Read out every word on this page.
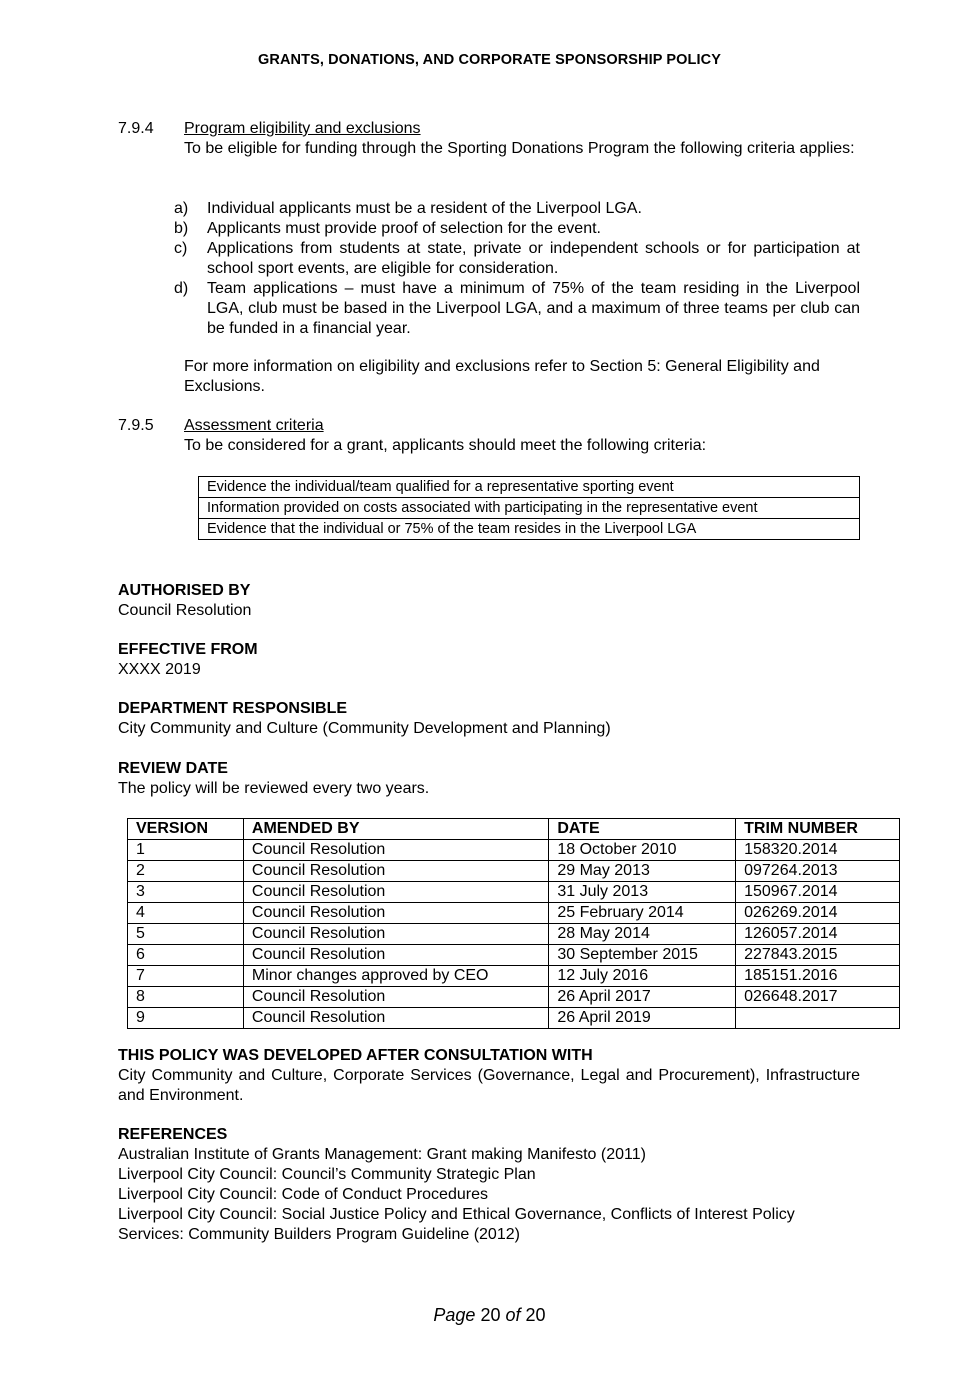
GRANTS, DONATIONS, AND CORPORATE SPONSORSHIP POLICY
7.9.4 Program eligibility and exclusions
To be eligible for funding through the Sporting Donations Program the following criteria applies:
a)	Individual applicants must be a resident of the Liverpool LGA.
b)	Applicants must provide proof of selection for the event.
c)	Applications from students at state, private or independent schools or for participation at school sport events, are eligible for consideration.
d)	Team applications – must have a minimum of 75% of the team residing in the Liverpool LGA, club must be based in the Liverpool LGA, and a maximum of three teams per club can be funded in a financial year.
For more information on eligibility and exclusions refer to Section 5: General Eligibility and Exclusions.
7.9.5 Assessment criteria
To be considered for a grant, applicants should meet the following criteria:
Evidence the individual/team qualified for a representative sporting event
Information provided on costs associated with participating in the representative event
Evidence that the individual or 75% of the team resides in the Liverpool LGA
AUTHORISED BY
Council Resolution
EFFECTIVE FROM
XXXX 2019
DEPARTMENT RESPONSIBLE
City Community and Culture (Community Development and Planning)
REVIEW DATE
The policy will be reviewed every two years.
VERSION	AMENDED BY	DATE	TRIM NUMBER
1	Council Resolution	18 October 2010	158320.2014
2	Council Resolution	29 May 2013	097264.2013
3	Council Resolution	31 July 2013	150967.2014
4	Council Resolution	25 February 2014	026269.2014
5	Council Resolution	28 May 2014	126057.2014
6	Council Resolution	30 September 2015	227843.2015
7	Minor changes approved by CEO	12 July 2016	185151.2016
8	Council Resolution	26 April 2017	026648.2017
9	Council Resolution	26 April 2019	
THIS POLICY WAS DEVELOPED AFTER CONSULTATION WITH
City Community and Culture, Corporate Services (Governance, Legal and Procurement), Infrastructure and Environment.
REFERENCES
Australian Institute of Grants Management: Grant making Manifesto (2011)
Liverpool City Council: Council’s Community Strategic Plan
Liverpool City Council: Code of Conduct Procedures
Liverpool City Council: Social Justice Policy and Ethical Governance, Conflicts of Interest Policy
Services: Community Builders Program Guideline (2012)
Page 20 of 20
